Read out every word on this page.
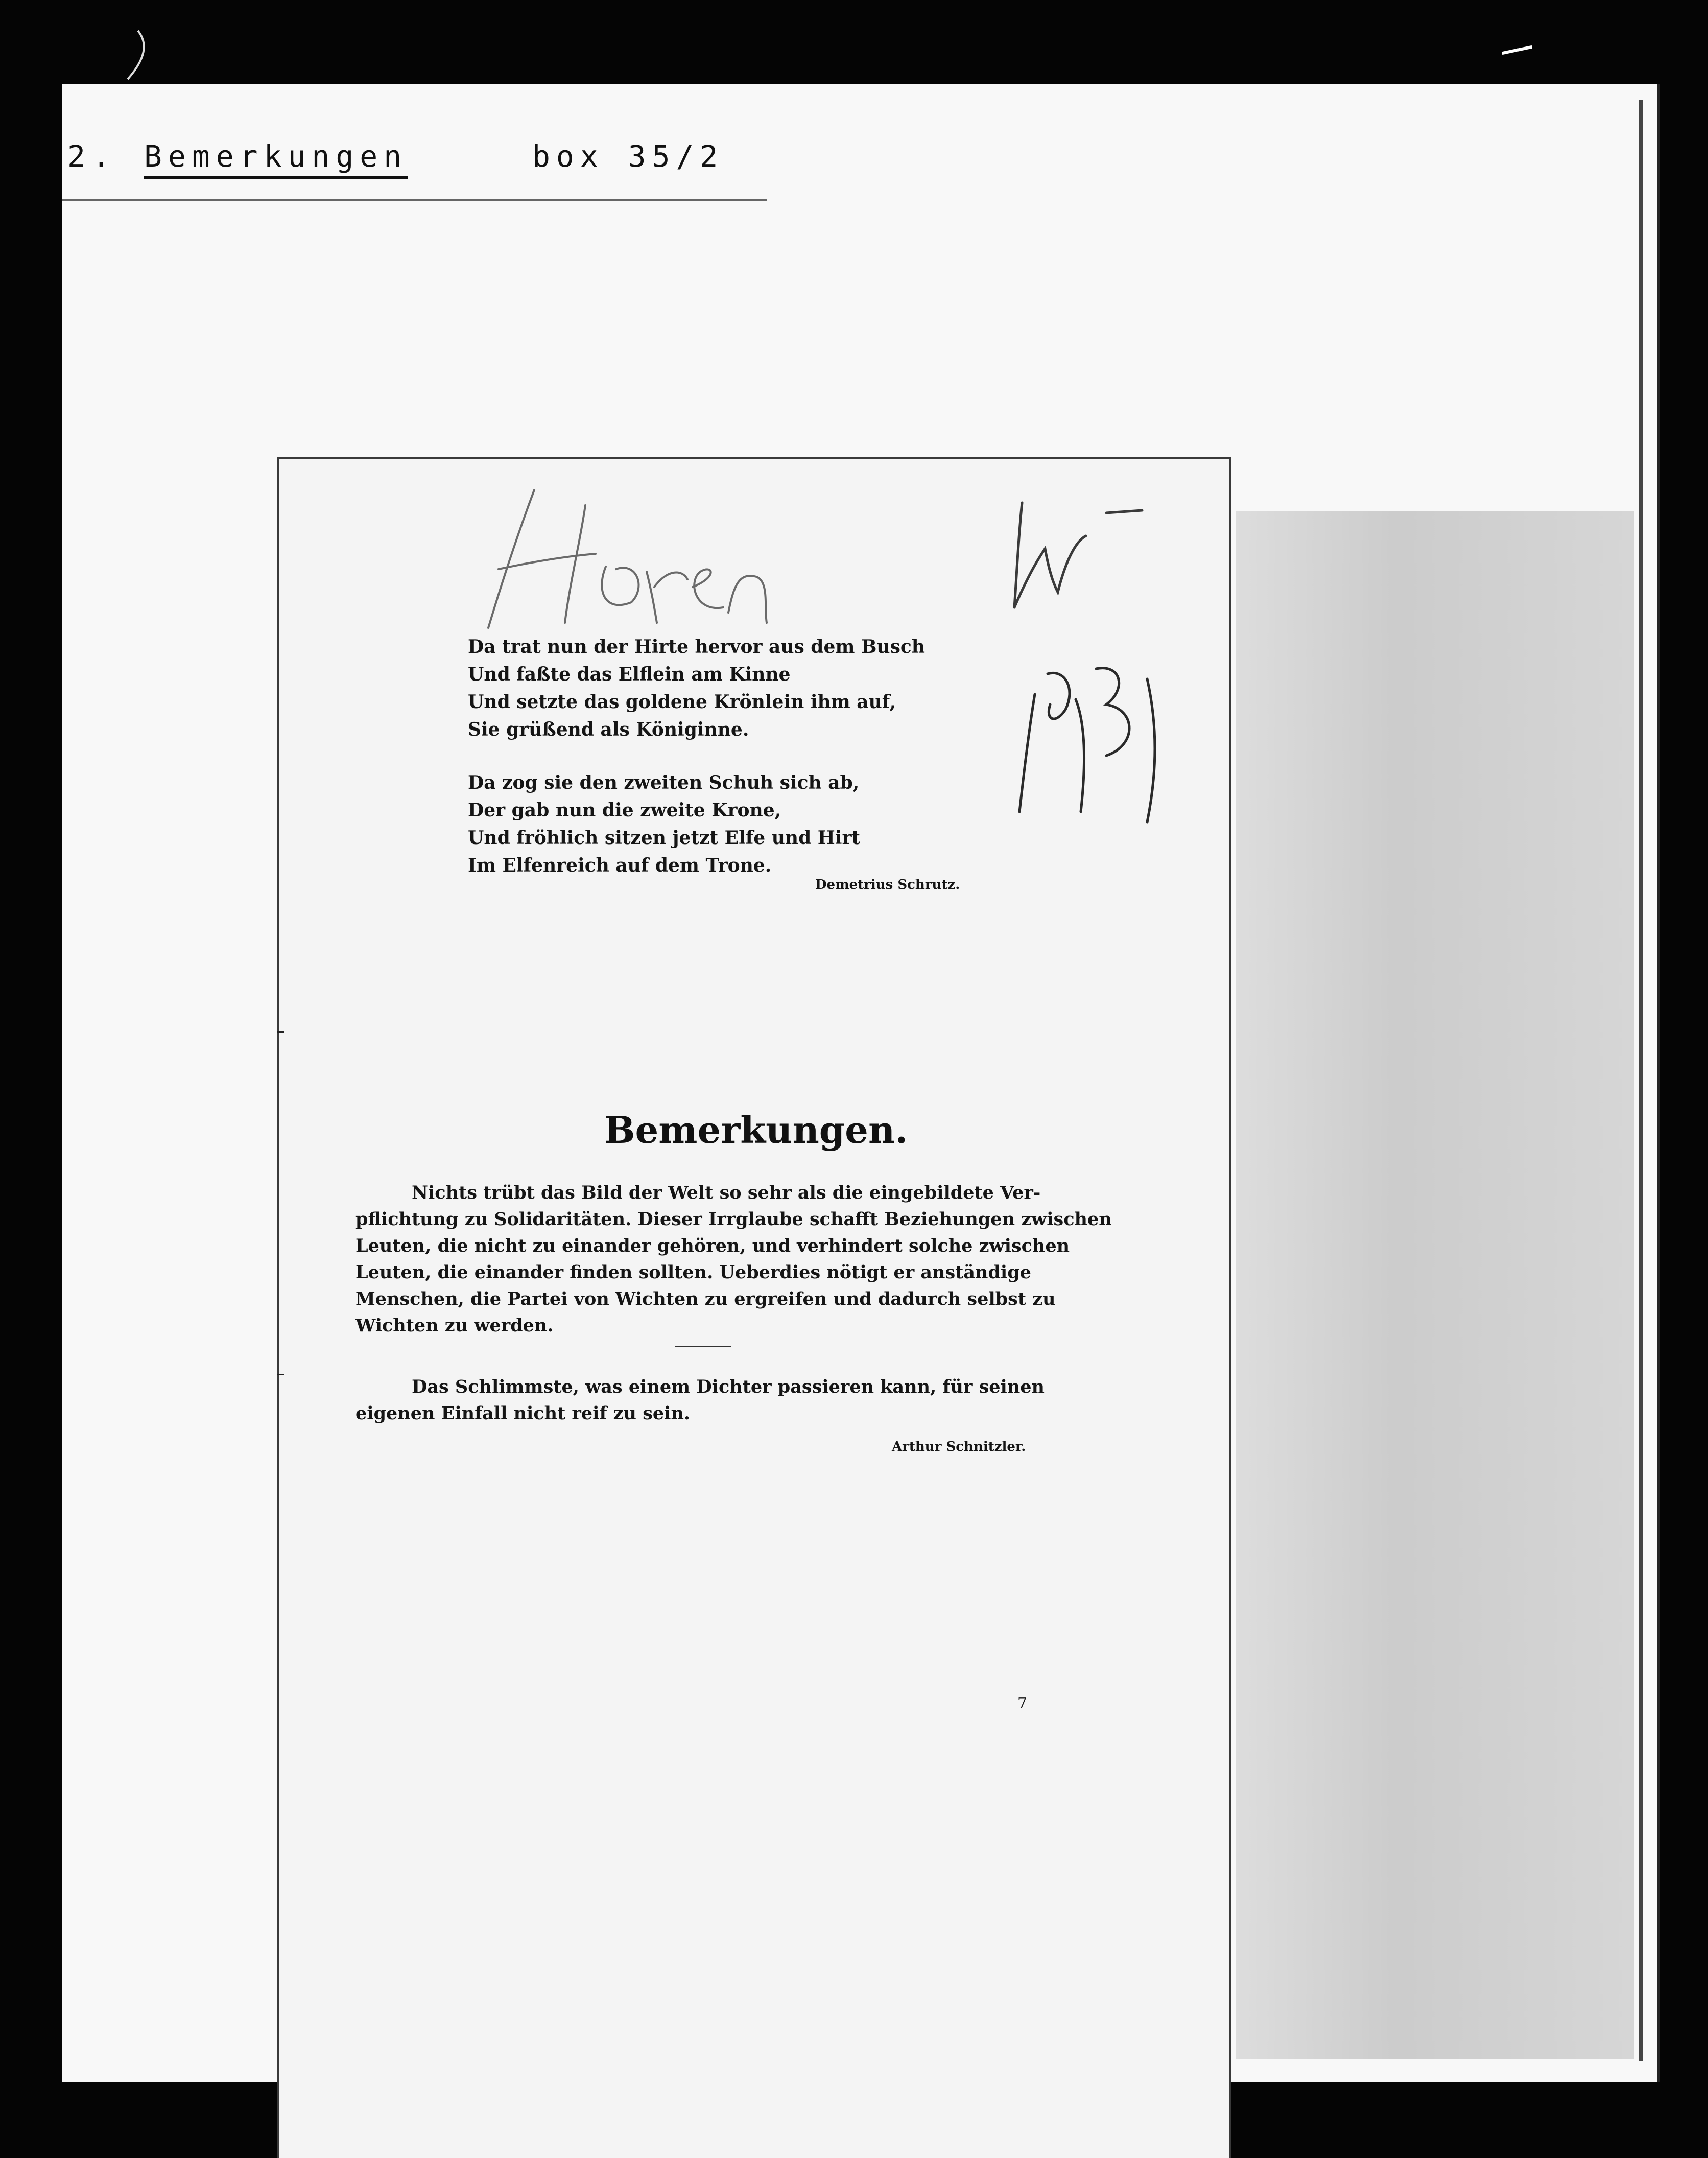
2. Bemerkungen	box 35/2
Da trat nun der Hirte hervor aus dem Busch
Und faßte das Elflein am Kinne
Und setzte das goldene Krönlein ihm auf,
Sie grüßend als Königinne.
Da zog sie den zweiten Schuh sich ab,
Der gab nun die zweite Krone,
Und fröhlich sitzen jetzt Elfe und Hirt
Im Elfenreich auf dem Trone.
Demetrius Schrutz.
Bemerkungen.
Nichts trübt das Bild der Welt so sehr als die eingebildete Ver-
pflichtung zu Solidaritäten. Dieser Irrglaube schafft Beziehungen zwischen
Leuten, die nicht zu einander gehören, und verhindert solche zwischen
Leuten, die einander finden sollten. Ueberdies nötigt er anständige
Menschen, die Partei von Wichten zu ergreifen und dadurch selbst zu
Wichten zu werden.
Das Schlimmste, was einem Dichter passieren kann, für seinen
eigenen Einfall nicht reif zu sein.
Arthur Schnitzler.
7
